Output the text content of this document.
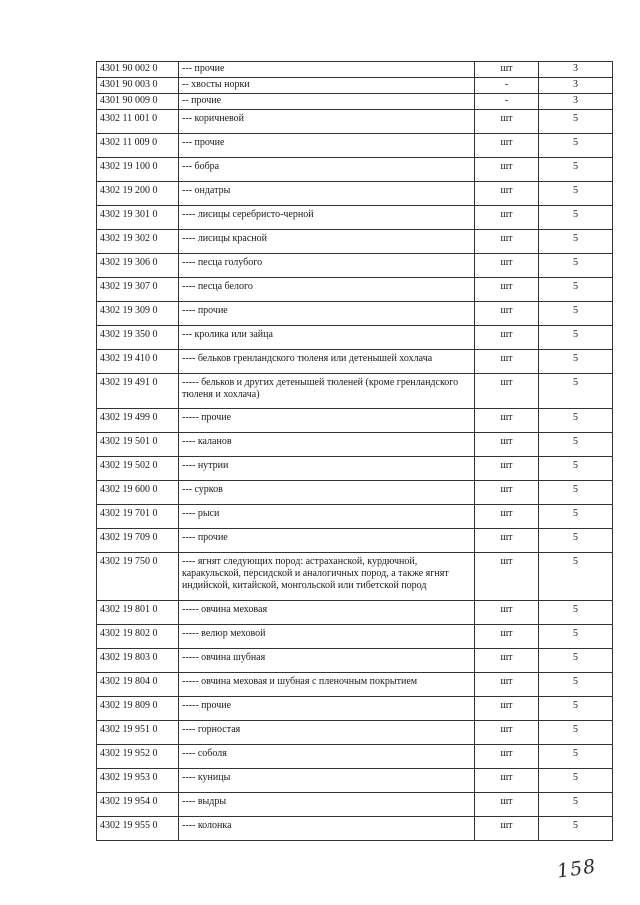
4301 90 002 0	--- прочие	шт	3
4301 90 003 0	-- хвосты норки	-	3
4301 90 009 0	-- прочие	-	3
4302 11 001 0	--- коричневой	шт	5
4302 11 009 0	--- прочие	шт	5
4302 19 100 0	--- бобра	шт	5
4302 19 200 0	--- ондатры	шт	5
4302 19 301 0	---- лисицы серебристо-черной	шт	5
4302 19 302 0	---- лисицы красной	шт	5
4302 19 306 0	---- песца голубого	шт	5
4302 19 307 0	---- песца белого	шт	5
4302 19 309 0	---- прочие	шт	5
4302 19 350 0	--- кролика или зайца	шт	5
4302 19 410 0	---- бельков гренландского тюленя или детенышей хохлача	шт	5
4302 19 491 0	----- бельков и других детенышей тюленей (кроме гренландского тюленя и хохлача)	шт	5
4302 19 499 0	----- прочие	шт	5
4302 19 501 0	---- каланов	шт	5
4302 19 502 0	---- нутрии	шт	5
4302 19 600 0	--- сурков	шт	5
4302 19 701 0	---- рыси	шт	5
4302 19 709 0	---- прочие	шт	5
4302 19 750 0	---- ягнят следующих пород: астраханской, курдючной, каракульской, персидской и аналогичных пород, а также ягнят индийской, китайской, монгольской или тибетской пород	шт	5
4302 19 801 0	----- овчина меховая	шт	5
4302 19 802 0	----- велюр меховой	шт	5
4302 19 803 0	----- овчина шубная	шт	5
4302 19 804 0	----- овчина меховая и шубная с пленочным покрытием	шт	5
4302 19 809 0	----- прочие	шт	5
4302 19 951 0	---- горностая	шт	5
4302 19 952 0	---- соболя	шт	5
4302 19 953 0	---- куницы	шт	5
4302 19 954 0	---- выдры	шт	5
4302 19 955 0	---- колонка	шт	5
158
